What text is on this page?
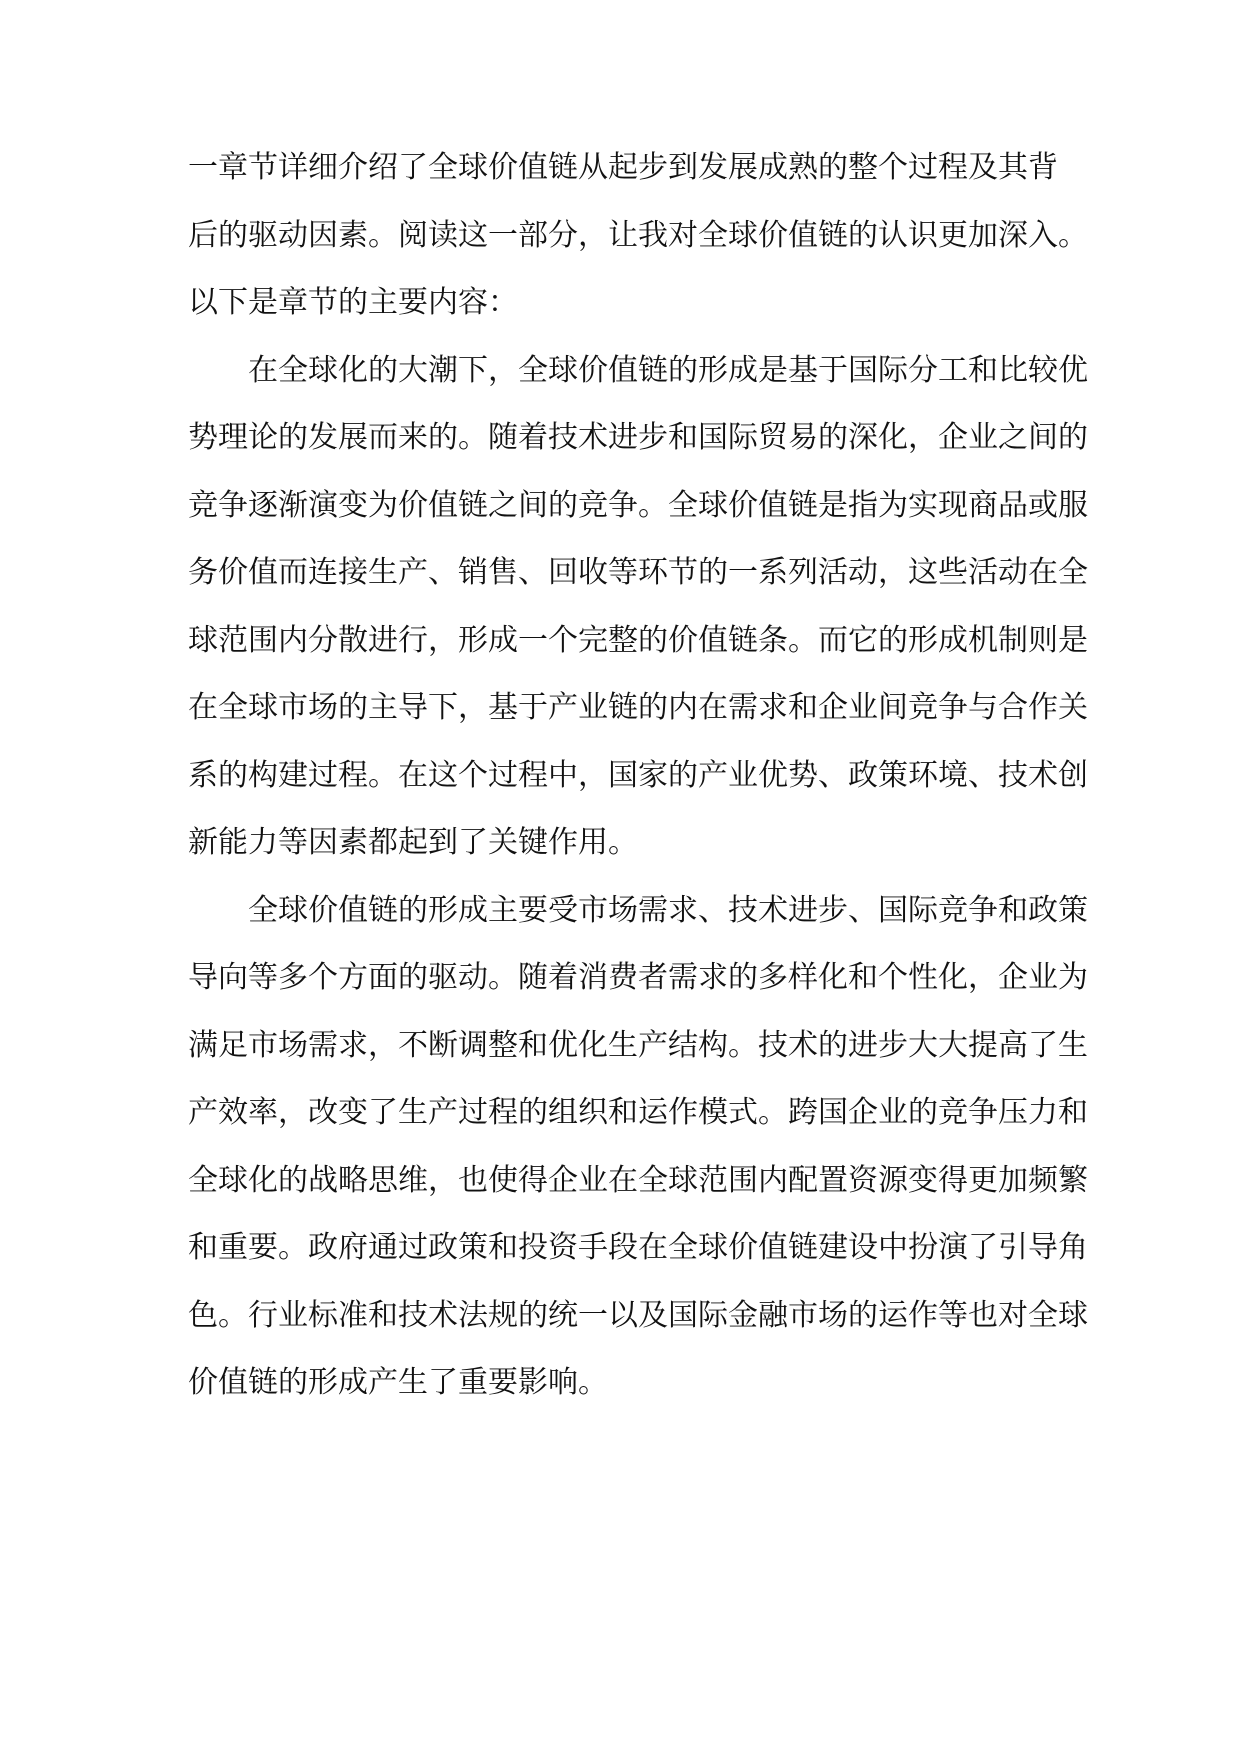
一章节详细介绍了全球价值链从起步到发展成熟的整个过程及其背
后的驱动因素。阅读这一部分，让我对全球价值链的认识更加深入。
以下是章节的主要内容：
在全球化的大潮下，全球价值链的形成是基于国际分工和比较优
势理论的发展而来的。随着技术进步和国际贸易的深化，企业之间的
竞争逐渐演变为价值链之间的竞争。全球价值链是指为实现商品或服
务价值而连接生产、销售、回收等环节的一系列活动，这些活动在全
球范围内分散进行，形成一个完整的价值链条。而它的形成机制则是
在全球市场的主导下，基于产业链的内在需求和企业间竞争与合作关
系的构建过程。在这个过程中，国家的产业优势、政策环境、技术创
新能力等因素都起到了关键作用。
全球价值链的形成主要受市场需求、技术进步、国际竞争和政策
导向等多个方面的驱动。随着消费者需求的多样化和个性化，企业为
满足市场需求，不断调整和优化生产结构。技术的进步大大提高了生
产效率，改变了生产过程的组织和运作模式。跨国企业的竞争压力和
全球化的战略思维，也使得企业在全球范围内配置资源变得更加频繁
和重要。政府通过政策和投资手段在全球价值链建设中扮演了引导角
色。行业标准和技术法规的统一以及国际金融市场的运作等也对全球
价值链的形成产生了重要影响。
